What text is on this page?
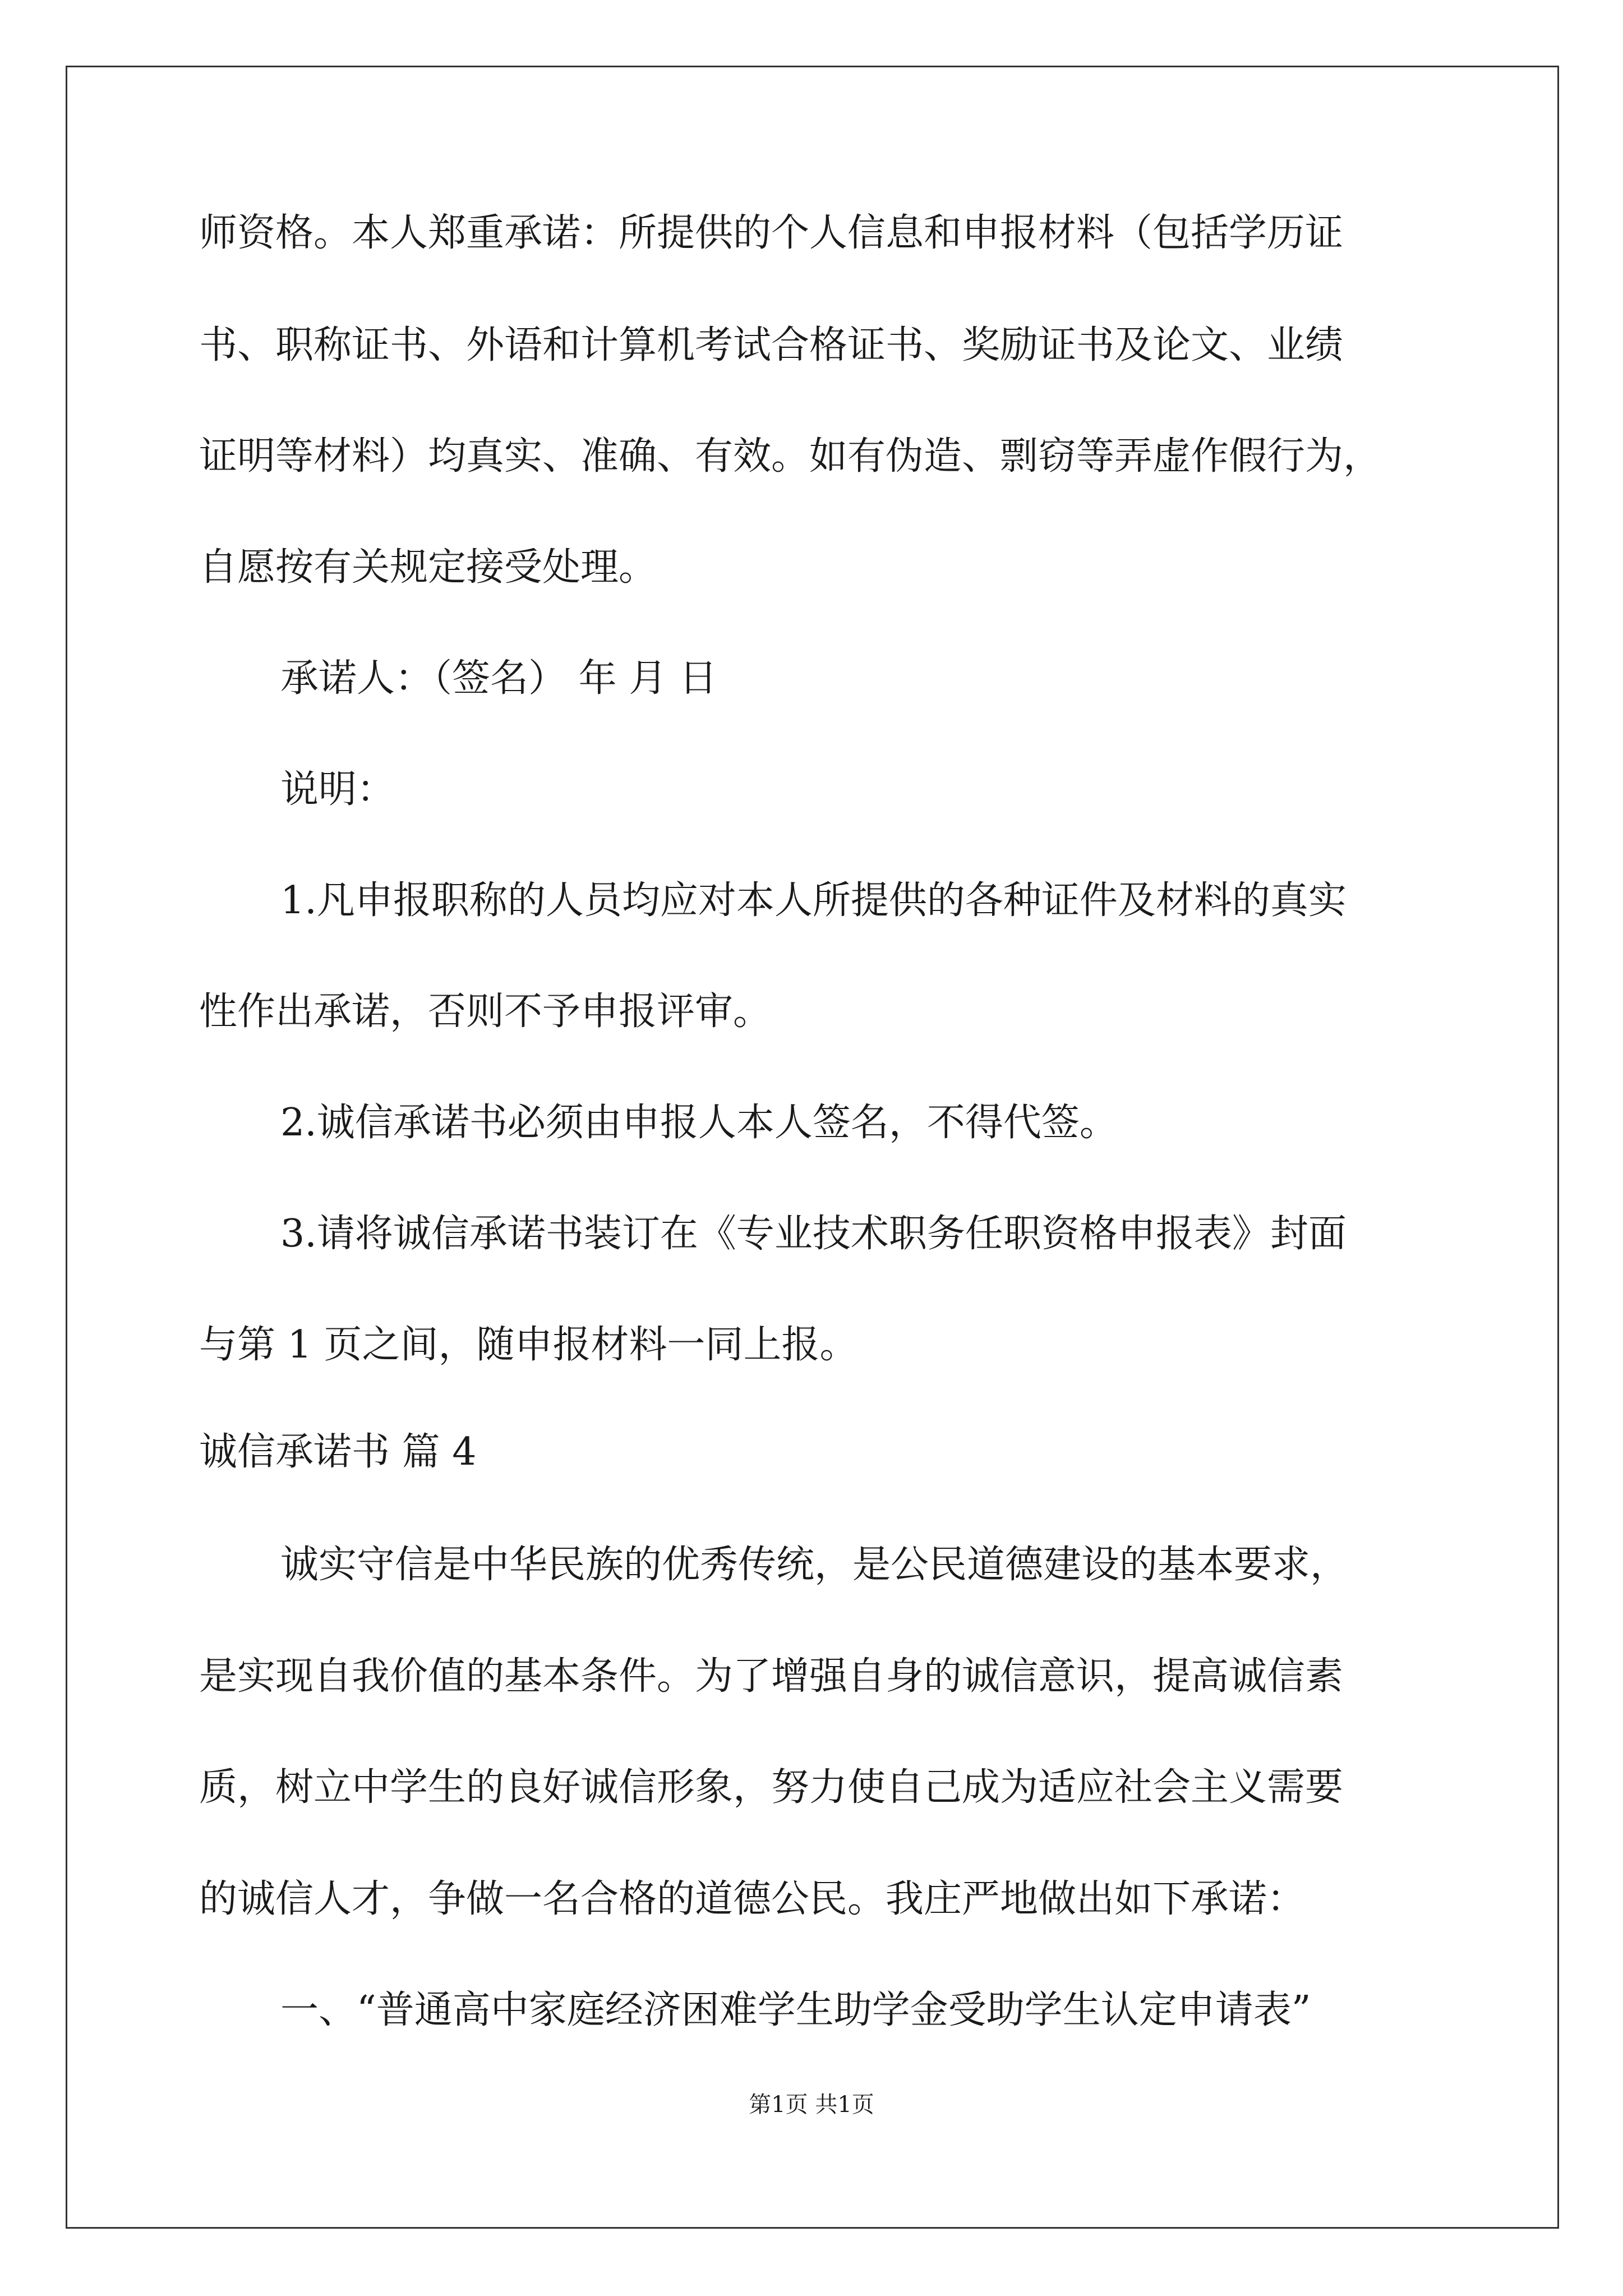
师资格。本人郑重承诺：所提供的个人信息和申报材料（包括学历证

书、职称证书、外语和计算机考试合格证书、奖励证书及论文、业绩

证明等材料）均真实、准确、有效。如有伪造、剽窃等弄虚作假行为，

自愿按有关规定接受处理。

承诺人：（签名） 年 月 日

说明：

1.凡申报职称的人员均应对本人所提供的各种证件及材料的真实

性作出承诺，否则不予申报评审。

2.诚信承诺书必须由申报人本人签名，不得代签。

3.请将诚信承诺书装订在《专业技术职务任职资格申报表》封面

与第 1 页之间，随申报材料一同上报。

诚信承诺书 篇 4

诚实守信是中华民族的优秀传统，是公民道德建设的基本要求，

是实现自我价值的基本条件。为了增强自身的诚信意识，提高诚信素

质，树立中学生的良好诚信形象，努力使自己成为适应社会主义需要

的诚信人才，争做一名合格的道德公民。我庄严地做出如下承诺：

一、“普通高中家庭经济困难学生助学金受助学生认定申请表”

第1页 共1页
